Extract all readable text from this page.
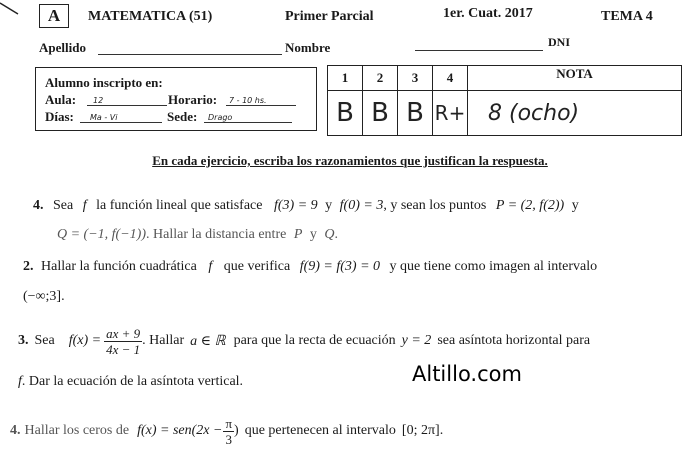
A MATEMATICA (51)	Primer Parcial	1er. Cuat. 2017	TEMA 4
Apellido	Nombre	DNI
Alumno inscripto en:
Aula: 12	Horario: 7 - 10 hs.
Días: Ma - Vi	Sede: Drago
1	2	3	4	NOTA
B	B	B	R+	8 (ocho)
En cada ejercicio, escriba los razonamientos que justifican la respuesta.
4. Sea f la función lineal que satisface f(3) = 9 y f(0) = 3, y sean los puntos P = (2, f(2)) y
Q = (−1, f(−1)). Hallar la distancia entre P y Q.
2. Hallar la función cuadrática f que verifica f(9) = f(3) = 0 y que tiene como imagen al intervalo
(−∞;3].
3. Sea $f(x) = \frac{ax + 9}{4x - 1}$ . Hallar a ∈ ℝ para que la recta de ecuación y = 2 sea asíntota horizontal para
f. Dar la ecuación de la asíntota vertical.	Altillo.com
4. Hallar los ceros de $f(x) = sen(2x - \frac{\pi}{3}$ ) que pertenecen al intervalo [0; 2π] .
